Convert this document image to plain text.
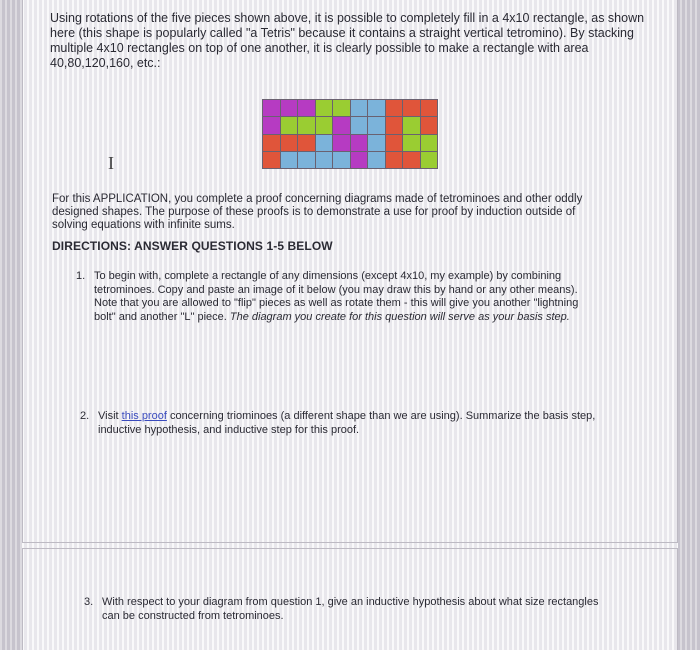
Using rotations of the five pieces shown above, it is possible to completely fill in a 4x10 rectangle, as shown
here (this shape is popularly called "a Tetris" because it contains a straight vertical tetromino). By stacking
multiple 4x10 rectangles on top of one another, it is clearly possible to make a rectangle with area
40,80,120,160, etc.:
I
For this APPLICATION, you complete a proof concerning diagrams made of tetrominoes and other oddly
designed shapes. The purpose of these proofs is to demonstrate a use for proof by induction outside of
solving equations with infinite sums.
DIRECTIONS: ANSWER QUESTIONS 1-5 BELOW
1. To begin with, complete a rectangle of any dimensions (except 4x10, my example) by combining
tetrominoes. Copy and paste an image of it below (you may draw this by hand or any other means).
Note that you are allowed to "flip" pieces as well as rotate them - this will give you another "lightning
bolt" and another "L" piece. The diagram you create for this question will serve as your basis step.
2. Visit this proof concerning triominoes (a different shape than we are using). Summarize the basis step,
inductive hypothesis, and inductive step for this proof.
3. With respect to your diagram from question 1, give an inductive hypothesis about what size rectangles
can be constructed from tetrominoes.
